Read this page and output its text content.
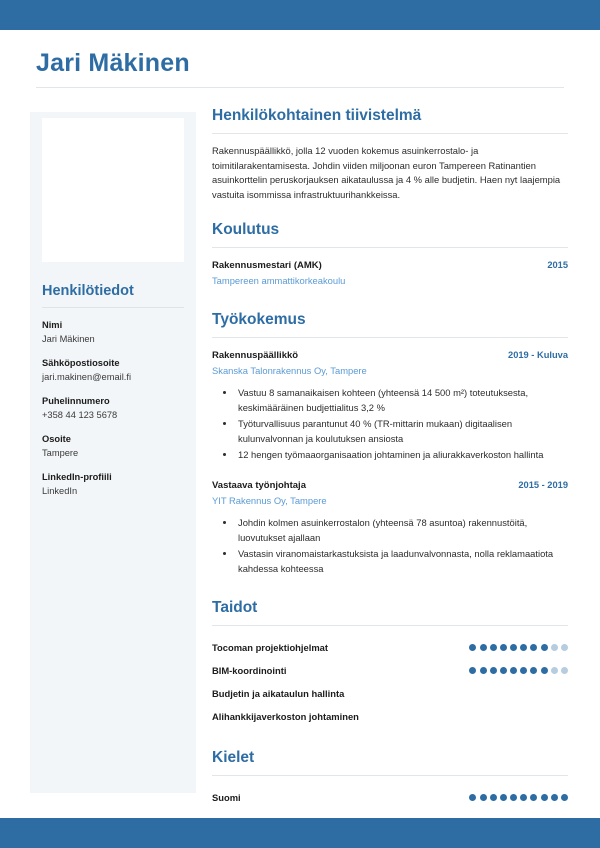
Jari Mäkinen
Henkilötiedot
Nimi
Jari Mäkinen
Sähköpostiosoite
jari.makinen@email.fi
Puhelinnumero
+358 44 123 5678
Osoite
Tampere
LinkedIn-profiili
LinkedIn
Henkilökohtainen tiivistelmä
Rakennuspäällikkö, jolla 12 vuoden kokemus asuinkerrostalo- ja toimitilarakentamisesta. Johdin viiden miljoonan euron Tampereen Ratinantien asuinkorttelin peruskorjauksen aikataulussa ja 4 % alle budjetin. Haen nyt laajempia vastuita isommissa infrastruktuurihankkeissa.
Koulutus
Rakennusmestari (AMK)	2015
Tampereen ammattikorkeakoulu
Työkokemus
Rakennuspäällikkö	2019 - Kuluva
Skanska Talonrakennus Oy, Tampere
• Vastuu 8 samanaikaisen kohteen (yhteensä 14 500 m²) toteutuksesta, keskimääräinen budjettialitus 3,2 %
• Työturvallisuus parantunut 40 % (TR-mittarin mukaan) digitaalisen kulunvalvonnan ja koulutuksen ansiosta
• 12 hengen työmaaorganisaation johtaminen ja aliurakkaverkoston hallinta
Vastaava työnjohtaja	2015 - 2019
YIT Rakennus Oy, Tampere
• Johdin kolmen asuinkerrostalon (yhteensä 78 asuntoa) rakennustöitä, luovutukset ajallaan
• Vastasin viranomaistarkastuksista ja laadunvalvonnasta, nolla reklamaatiota kahdessa kohteessa
Taidot
Tocoman projektiohjelmat
BIM-koordinointi
Budjetin ja aikataulun hallinta
Alihankkijaverkoston johtaminen
Kielet
Suomi
